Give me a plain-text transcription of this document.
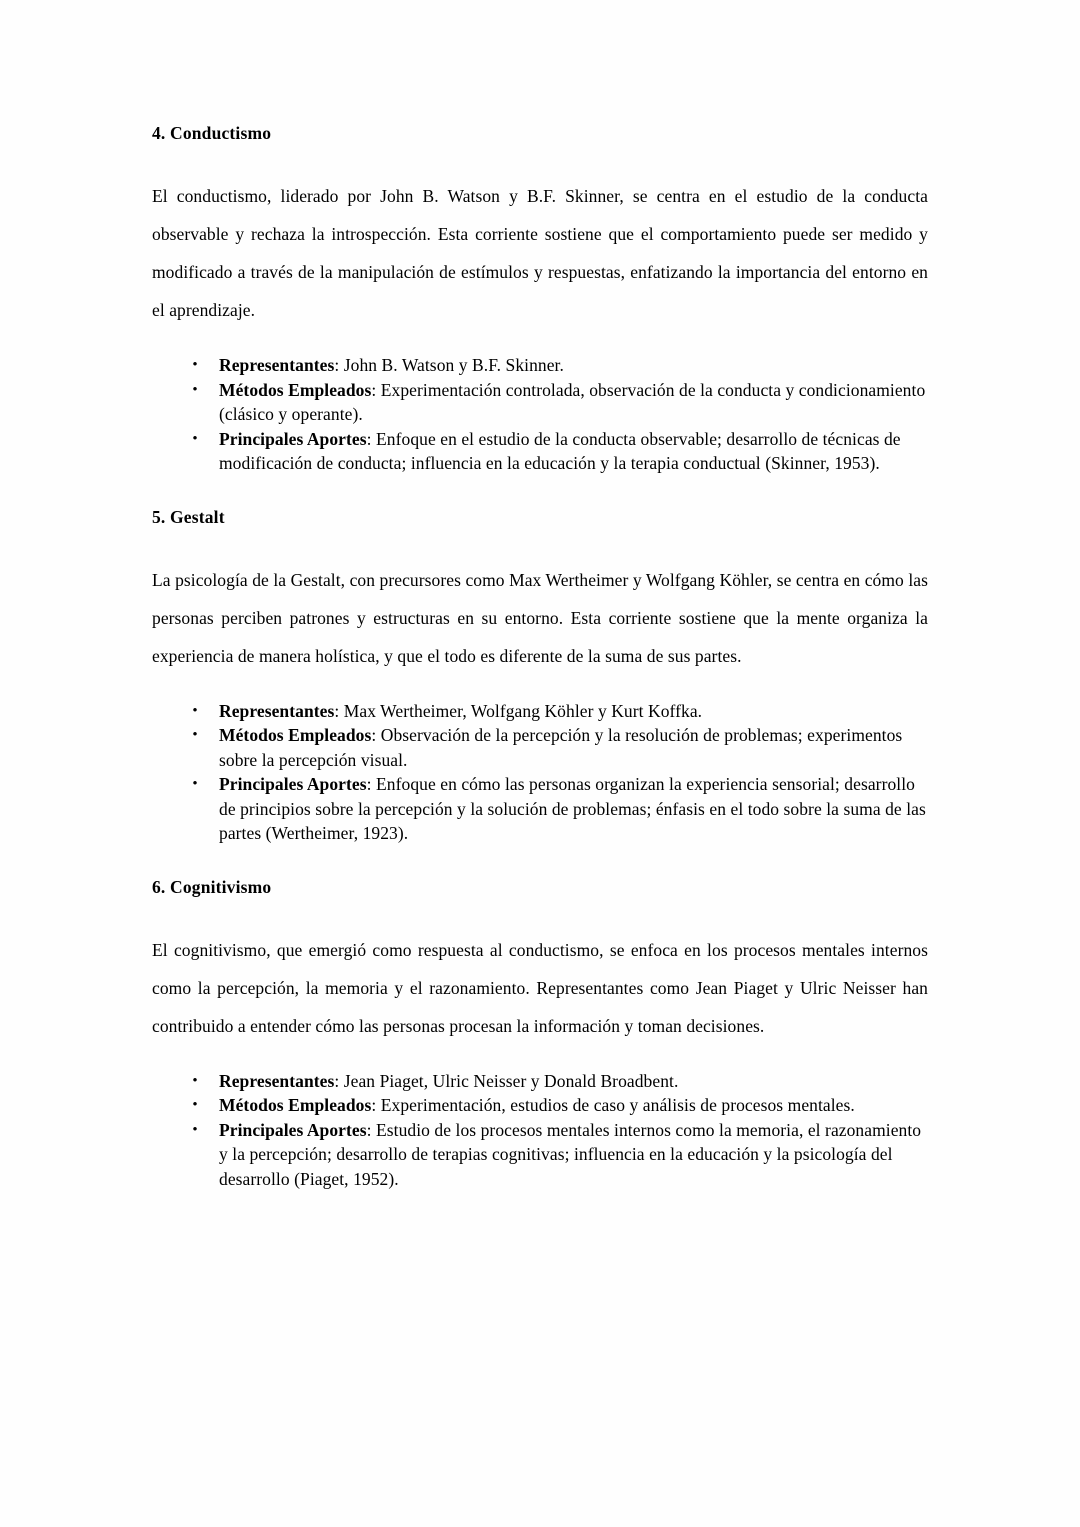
4. Conductismo

El conductismo, liderado por John B. Watson y B.F. Skinner, se centra en el estudio de la conducta observable y rechaza la introspección. Esta corriente sostiene que el comportamiento puede ser medido y modificado a través de la manipulación de estímulos y respuestas, enfatizando la importancia del entorno en el aprendizaje.

• Representantes: John B. Watson y B.F. Skinner.
• Métodos Empleados: Experimentación controlada, observación de la conducta y condicionamiento (clásico y operante).
• Principales Aportes: Enfoque en el estudio de la conducta observable; desarrollo de técnicas de modificación de conducta; influencia en la educación y la terapia conductual (Skinner, 1953).
5. Gestalt

La psicología de la Gestalt, con precursores como Max Wertheimer y Wolfgang Köhler, se centra en cómo las personas perciben patrones y estructuras en su entorno. Esta corriente sostiene que la mente organiza la experiencia de manera holística, y que el todo es diferente de la suma de sus partes.

• Representantes: Max Wertheimer, Wolfgang Köhler y Kurt Koffka.
• Métodos Empleados: Observación de la percepción y la resolución de problemas; experimentos sobre la percepción visual.
• Principales Aportes: Enfoque en cómo las personas organizan la experiencia sensorial; desarrollo de principios sobre la percepción y la solución de problemas; énfasis en el todo sobre la suma de las partes (Wertheimer, 1923).
6. Cognitivismo

El cognitivismo, que emergió como respuesta al conductismo, se enfoca en los procesos mentales internos como la percepción, la memoria y el razonamiento. Representantes como Jean Piaget y Ulric Neisser han contribuido a entender cómo las personas procesan la información y toman decisiones.

• Representantes: Jean Piaget, Ulric Neisser y Donald Broadbent.
• Métodos Empleados: Experimentación, estudios de caso y análisis de procesos mentales.
• Principales Aportes: Estudio de los procesos mentales internos como la memoria, el razonamiento y la percepción; desarrollo de terapias cognitivas; influencia en la educación y la psicología del desarrollo (Piaget, 1952).
